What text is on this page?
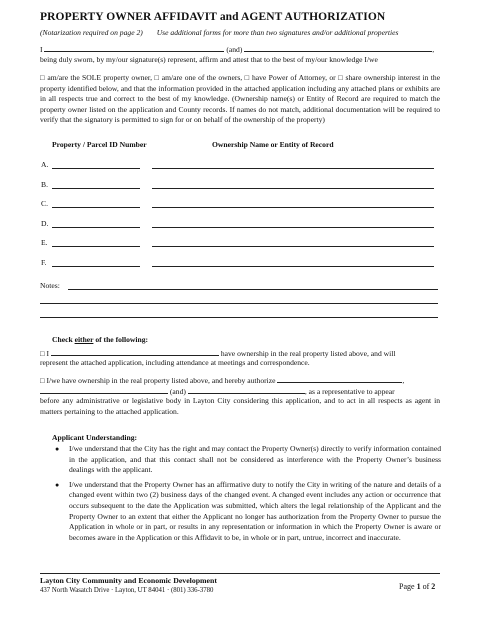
PROPERTY OWNER AFFIDAVIT and AGENT AUTHORIZATION
(Notarization required on page 2) Use additional forms for more than two signatures and/or additional properties
I	(and)	,
being duly sworn, by my/our signature(s) represent, affirm and attest that to the best of my/our knowledge I/we
□ am/are the SOLE property owner, □ am/are one of the owners, □ have Power of Attorney, or □ share ownership interest in the property identified below, and that the information provided in the attached application including any attached plans or exhibits are in all respects true and correct to the best of my knowledge. (Ownership name(s) or Entity of Record are required to match the property owner listed on the application and County records. If names do not match, additional documentation will be required to verify that the signatory is permitted to sign for or on behalf of the ownership of the property)
Property / Parcel ID Number	Ownership Name or Entity of Record
A.
B.
C.
D.
E.
F.
Notes:
Check either of the following:
□ I	have ownership in the real property listed above, and will
represent the attached application, including attendance at meetings and correspondence.
□ I/we have ownership in the real property listed above, and hereby authorize	,
(and)	, as a representative to appear
before any administrative or legislative body in Layton City considering this application, and to act in all respects as agent in matters pertaining to the attached application.
Applicant Understanding:
● I/we understand that the City has the right and may contact the Property Owner(s) directly to verify information contained in the application, and that this contact shall not be considered as interference with the Property Owner’s business dealings with the applicant.
● I/we understand that the Property Owner has an affirmative duty to notify the City in writing of the nature and details of a changed event within two (2) business days of the changed event. A changed event includes any action or occurrence that occurs subsequent to the date the Application was submitted, which alters the legal relationship of the Applicant and the Property Owner to an extent that either the Applicant no longer has authorization from the Property Owner to pursue the Application in whole or in part, or results in any representation or information in which the Property Owner is aware or becomes aware in the Application or this Affidavit to be, in whole or in part, untrue, incorrect and inaccurate.
Layton City Community and Economic Development
437 North Wasatch Drive · Layton, UT 84041 · (801) 336-3780	Page 1 of 2
